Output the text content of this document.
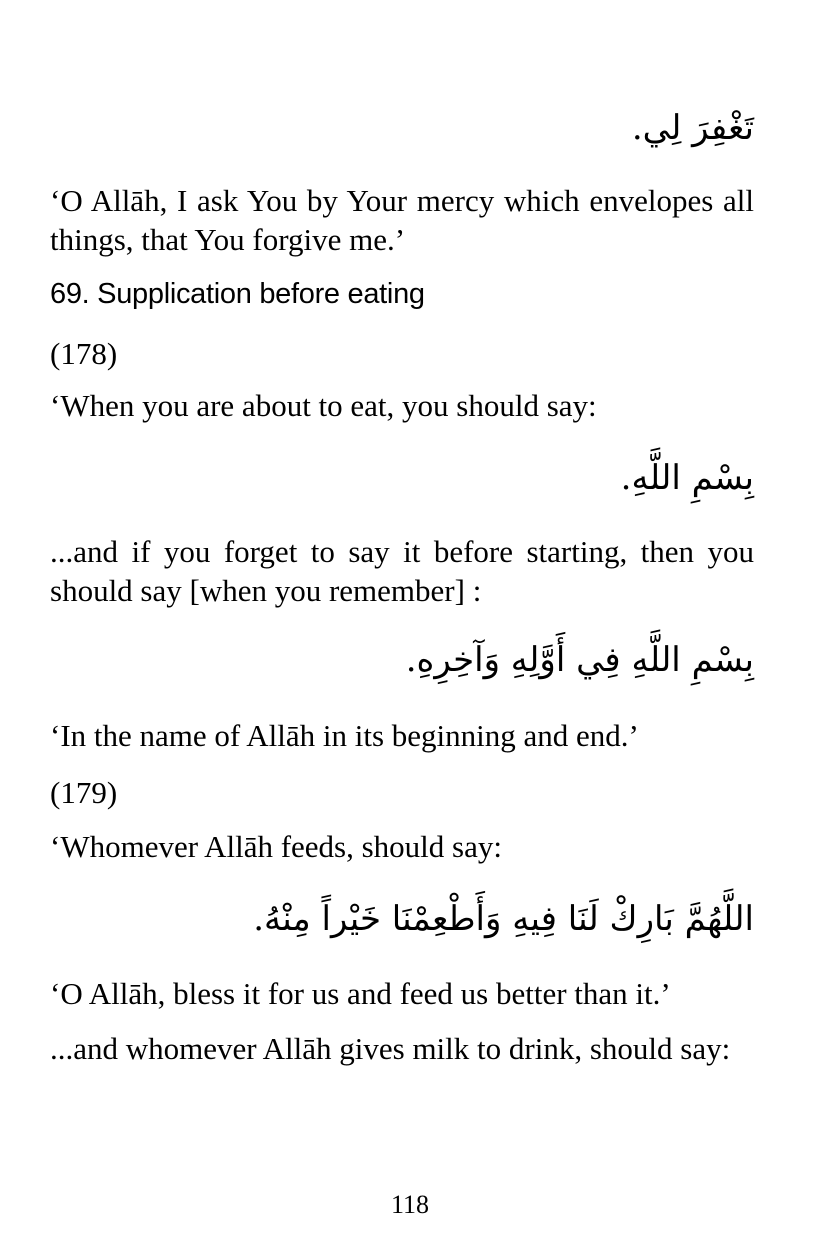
تَغْفِرَ لِي.

‘O Allāh, I ask You by Your mercy which envelopes all things, that You forgive me.’

69. Supplication before eating

(178)

‘When you are about to eat, you should say:

بِسْمِ اللَّهِ.

...and if you forget to say it before starting, then you should say [when you remember] :

بِسْمِ اللَّهِ فِي أَوَّلِهِ وَآخِرِهِ.

‘In the name of Allāh in its beginning and end.’

(179)

‘Whomever Allāh feeds, should say:

اللَّهُمَّ بَارِكْ لَنَا فِيهِ وَأَطْعِمْنَا خَيْراً مِنْهُ.

‘O Allāh, bless it for us and feed us better than it.’

...and whomever Allāh gives milk to drink, should say:

118
